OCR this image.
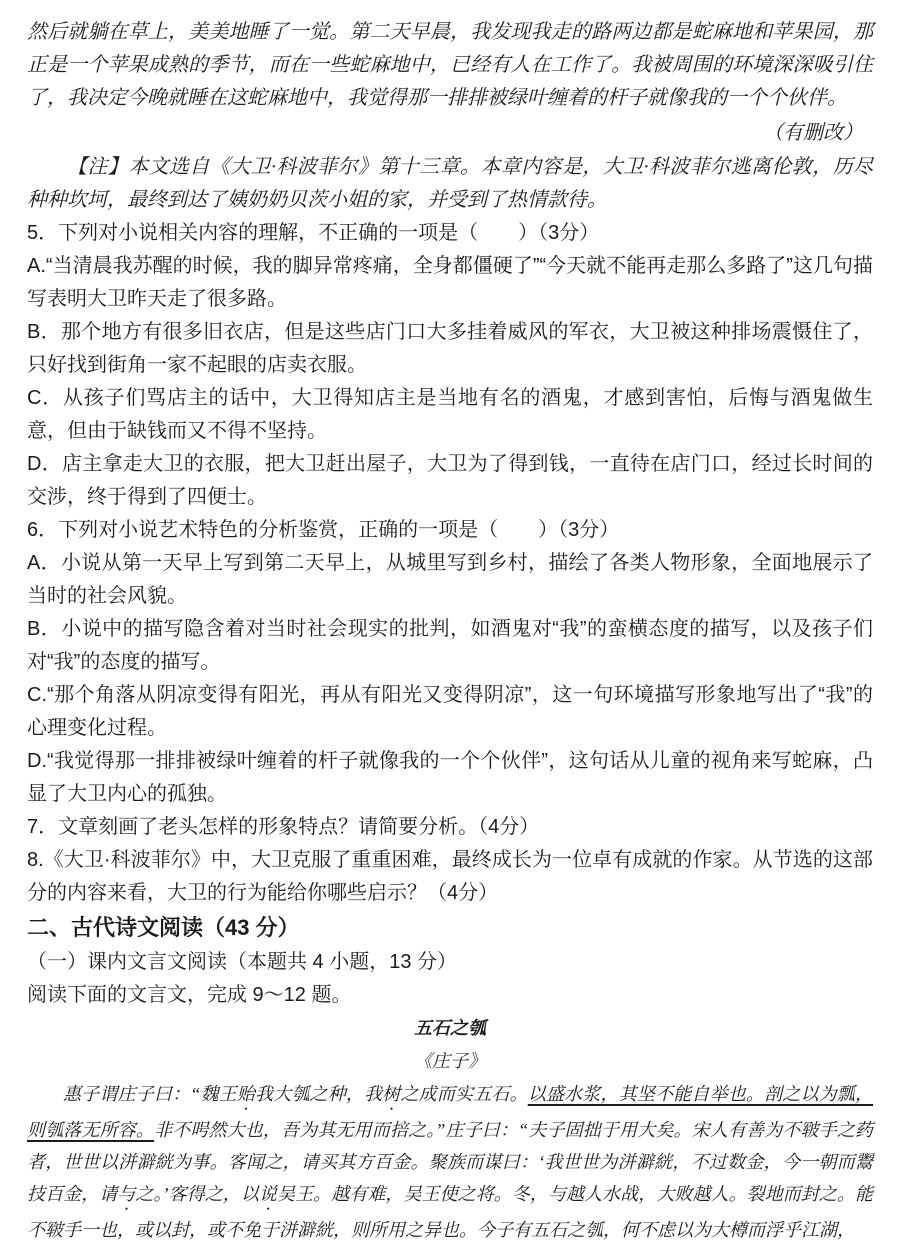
然后就躺在草上，美美地睡了一觉。第二天早晨，我发现我走的路两边都是蛇麻地和苹果园，那正是一个苹果成熟的季节，而在一些蛇麻地中，已经有人在工作了。我被周围的环境深深吸引住了，我决定今晚就睡在这蛇麻地中，我觉得那一排排被绿叶缠着的杆子就像我的一个个伙伴。

（有删改）

【注】本文选自《大卫·科波菲尔》第十三章。本章内容是，大卫·科波菲尔逃离伦敦，历尽种种坎坷，最终到达了姨奶奶贝茨小姐的家，并受到了热情款待。

5．下列对小说相关内容的理解，不正确的一项是（　　）（3分）

A.“当清晨我苏醒的时候，我的脚异常疼痛，全身都僵硬了”“今天就不能再走那么多路了”这几句描写表明大卫昨天走了很多路。

B．那个地方有很多旧衣店，但是这些店门口大多挂着威风的军衣，大卫被这种排场震慑住了，只好找到街角一家不起眼的店卖衣服。

C．从孩子们骂店主的话中，大卫得知店主是当地有名的酒鬼，才感到害怕，后悔与酒鬼做生意，但由于缺钱而又不得不坚持。

D．店主拿走大卫的衣服，把大卫赶出屋子，大卫为了得到钱，一直待在店门口，经过长时间的交涉，终于得到了四便士。

6．下列对小说艺术特色的分析鉴赏，正确的一项是（　　）（3分）

A．小说从第一天早上写到第二天早上，从城里写到乡村，描绘了各类人物形象，全面地展示了当时的社会风貌。

B．小说中的描写隐含着对当时社会现实的批判，如酒鬼对“我”的蛮横态度的描写，以及孩子们对“我”的态度的描写。

C.“那个角落从阴凉变得有阳光，再从有阳光又变得阴凉”，这一句环境描写形象地写出了“我”的心理变化过程。

D.“我觉得那一排排被绿叶缠着的杆子就像我的一个个伙伴”，这句话从儿童的视角来写蛇麻，凸显了大卫内心的孤独。

7．文章刻画了老头怎样的形象特点？请简要分析。（4分）

8.《大卫·科波菲尔》中，大卫克服了重重困难，最终成长为一位卓有成就的作家。从节选的这部分的内容来看，大卫的行为能给你哪些启示？（4分）

二、古代诗文阅读（43 分）

（一）课内文言文阅读（本题共 4 小题，13 分）

阅读下面的文言文，完成 9～12 题。

五石之瓠

《庄子》

惠子谓庄子曰：“魏王贻我大瓠之种，我树之成而实五石。以盛水浆，其坚不能自举也。剖之以为瓢，则瓠落无所容。非不呺然大也，吾为其无用而掊之。”庄子曰：“夫子固拙于用大矣。宋人有善为不皲手之药者，世世以洴澼絖为事。客闻之，请买其方百金。聚族而谋曰：‘我世世为洴澼絖，不过数金，今一朝而鬻技百金，请与之。’客得之，以说吴王。越有难，吴王使之将。冬，与越人水战，大败越人。裂地而封之。能不皲手一也，或以封，或不免于洴澼絖，则所用之异也。今子有五石之瓠，何不虑以为大樽而浮乎江湖，
